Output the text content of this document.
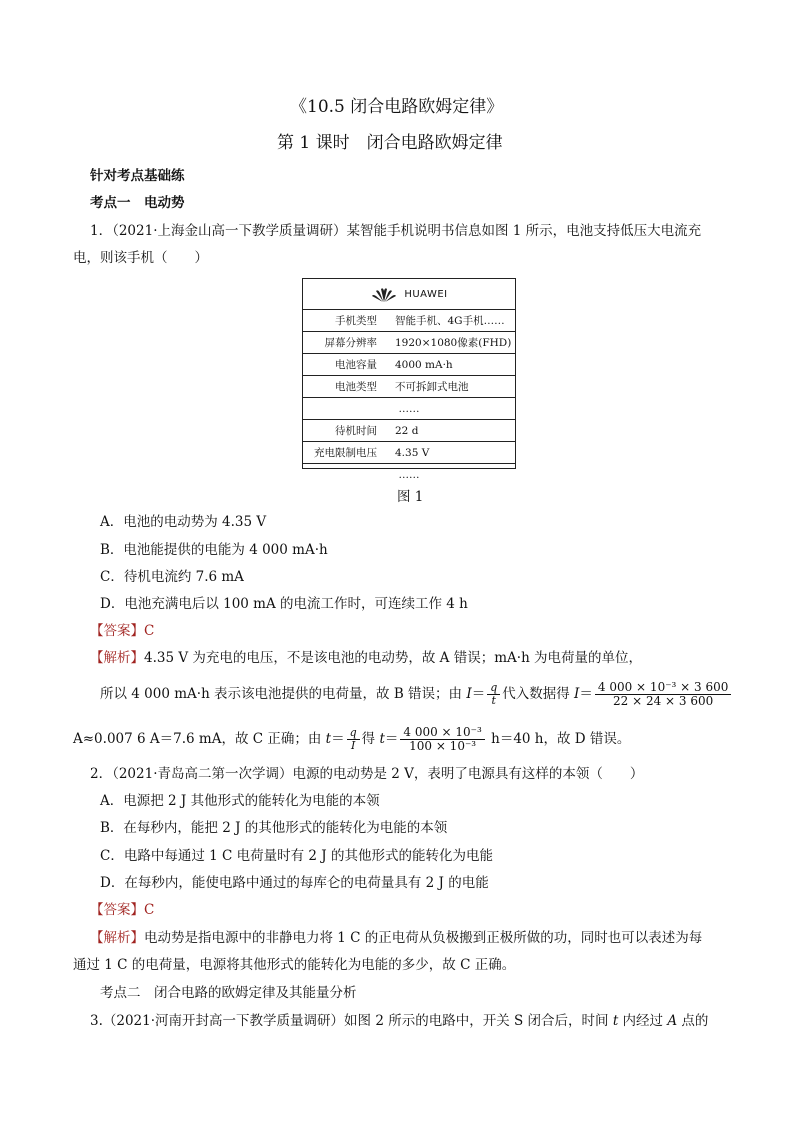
《10.5 闭合电路欧姆定律》
第 1 课时　闭合电路欧姆定律
针对考点基础练
考点一　电动势
1．（2021·上海金山高一下教学质量调研）某智能手机说明书信息如图 1 所示，电池支持低压大电流充
电，则该手机（　　）
HUAWEI
手机类型	智能手机、4G手机……
屏幕分辨率	1920×1080像素(FHD)
电池容量	4000 mA·h
电池类型	不可拆卸式电池
……
待机时间	22 d
充电限制电压	4.35 V
……
图 1
A．电池的电动势为 4.35 V
B．电池能提供的电能为 4 000 mA·h
C．待机电流约 7.6 mA
D．电池充满电后以 100 mA 的电流工作时，可连续工作 4 h
【答案】C
【解析】4.35 V 为充电的电压，不是该电池的电动势，故 A 错误；mA·h 为电荷量的单位，
所以 4 000 mA·h 表示该电池提供的电荷量，故 B 错误；由 $I= \frac{q}{t}$ 代入数据得 $I= \frac{\text{4 000 × 10⁻³ × 3 600}}{22 \times 24 \times 3 600}$
A≈0.007 6 A＝7.6 mA，故 C 正确；由 $t= \frac{q}{I}$ 得 $t= \frac{\text{4 000 × 10⁻³}}{\text{100 × 10⁻³}} h=40$ h，故 D 错误。
2．（2021·青岛高二第一次学调）电源的电动势是 2 V，表明了电源具有这样的本领（　　）
A．电源把 2 J 其他形式的能转化为电能的本领
B．在每秒内，能把 2 J 的其他形式的能转化为电能的本领
C．电路中每通过 1 C 电荷量时有 2 J 的其他形式的能转化为电能
D．在每秒内，能使电路中通过的每库仑的电荷量具有 2 J 的电能
【答案】C
【解析】电动势是指电源中的非静电力将 1 C 的正电荷从负极搬到正极所做的功，同时也可以表述为每
通过 1 C 的电荷量，电源将其他形式的能转化为电能的多少，故 C 正确。
考点二　闭合电路的欧姆定律及其能量分析
3.（2021·河南开封高一下教学质量调研）如图 2 所示的电路中，开关 S 闭合后，时间 t 内经过 A 点的
